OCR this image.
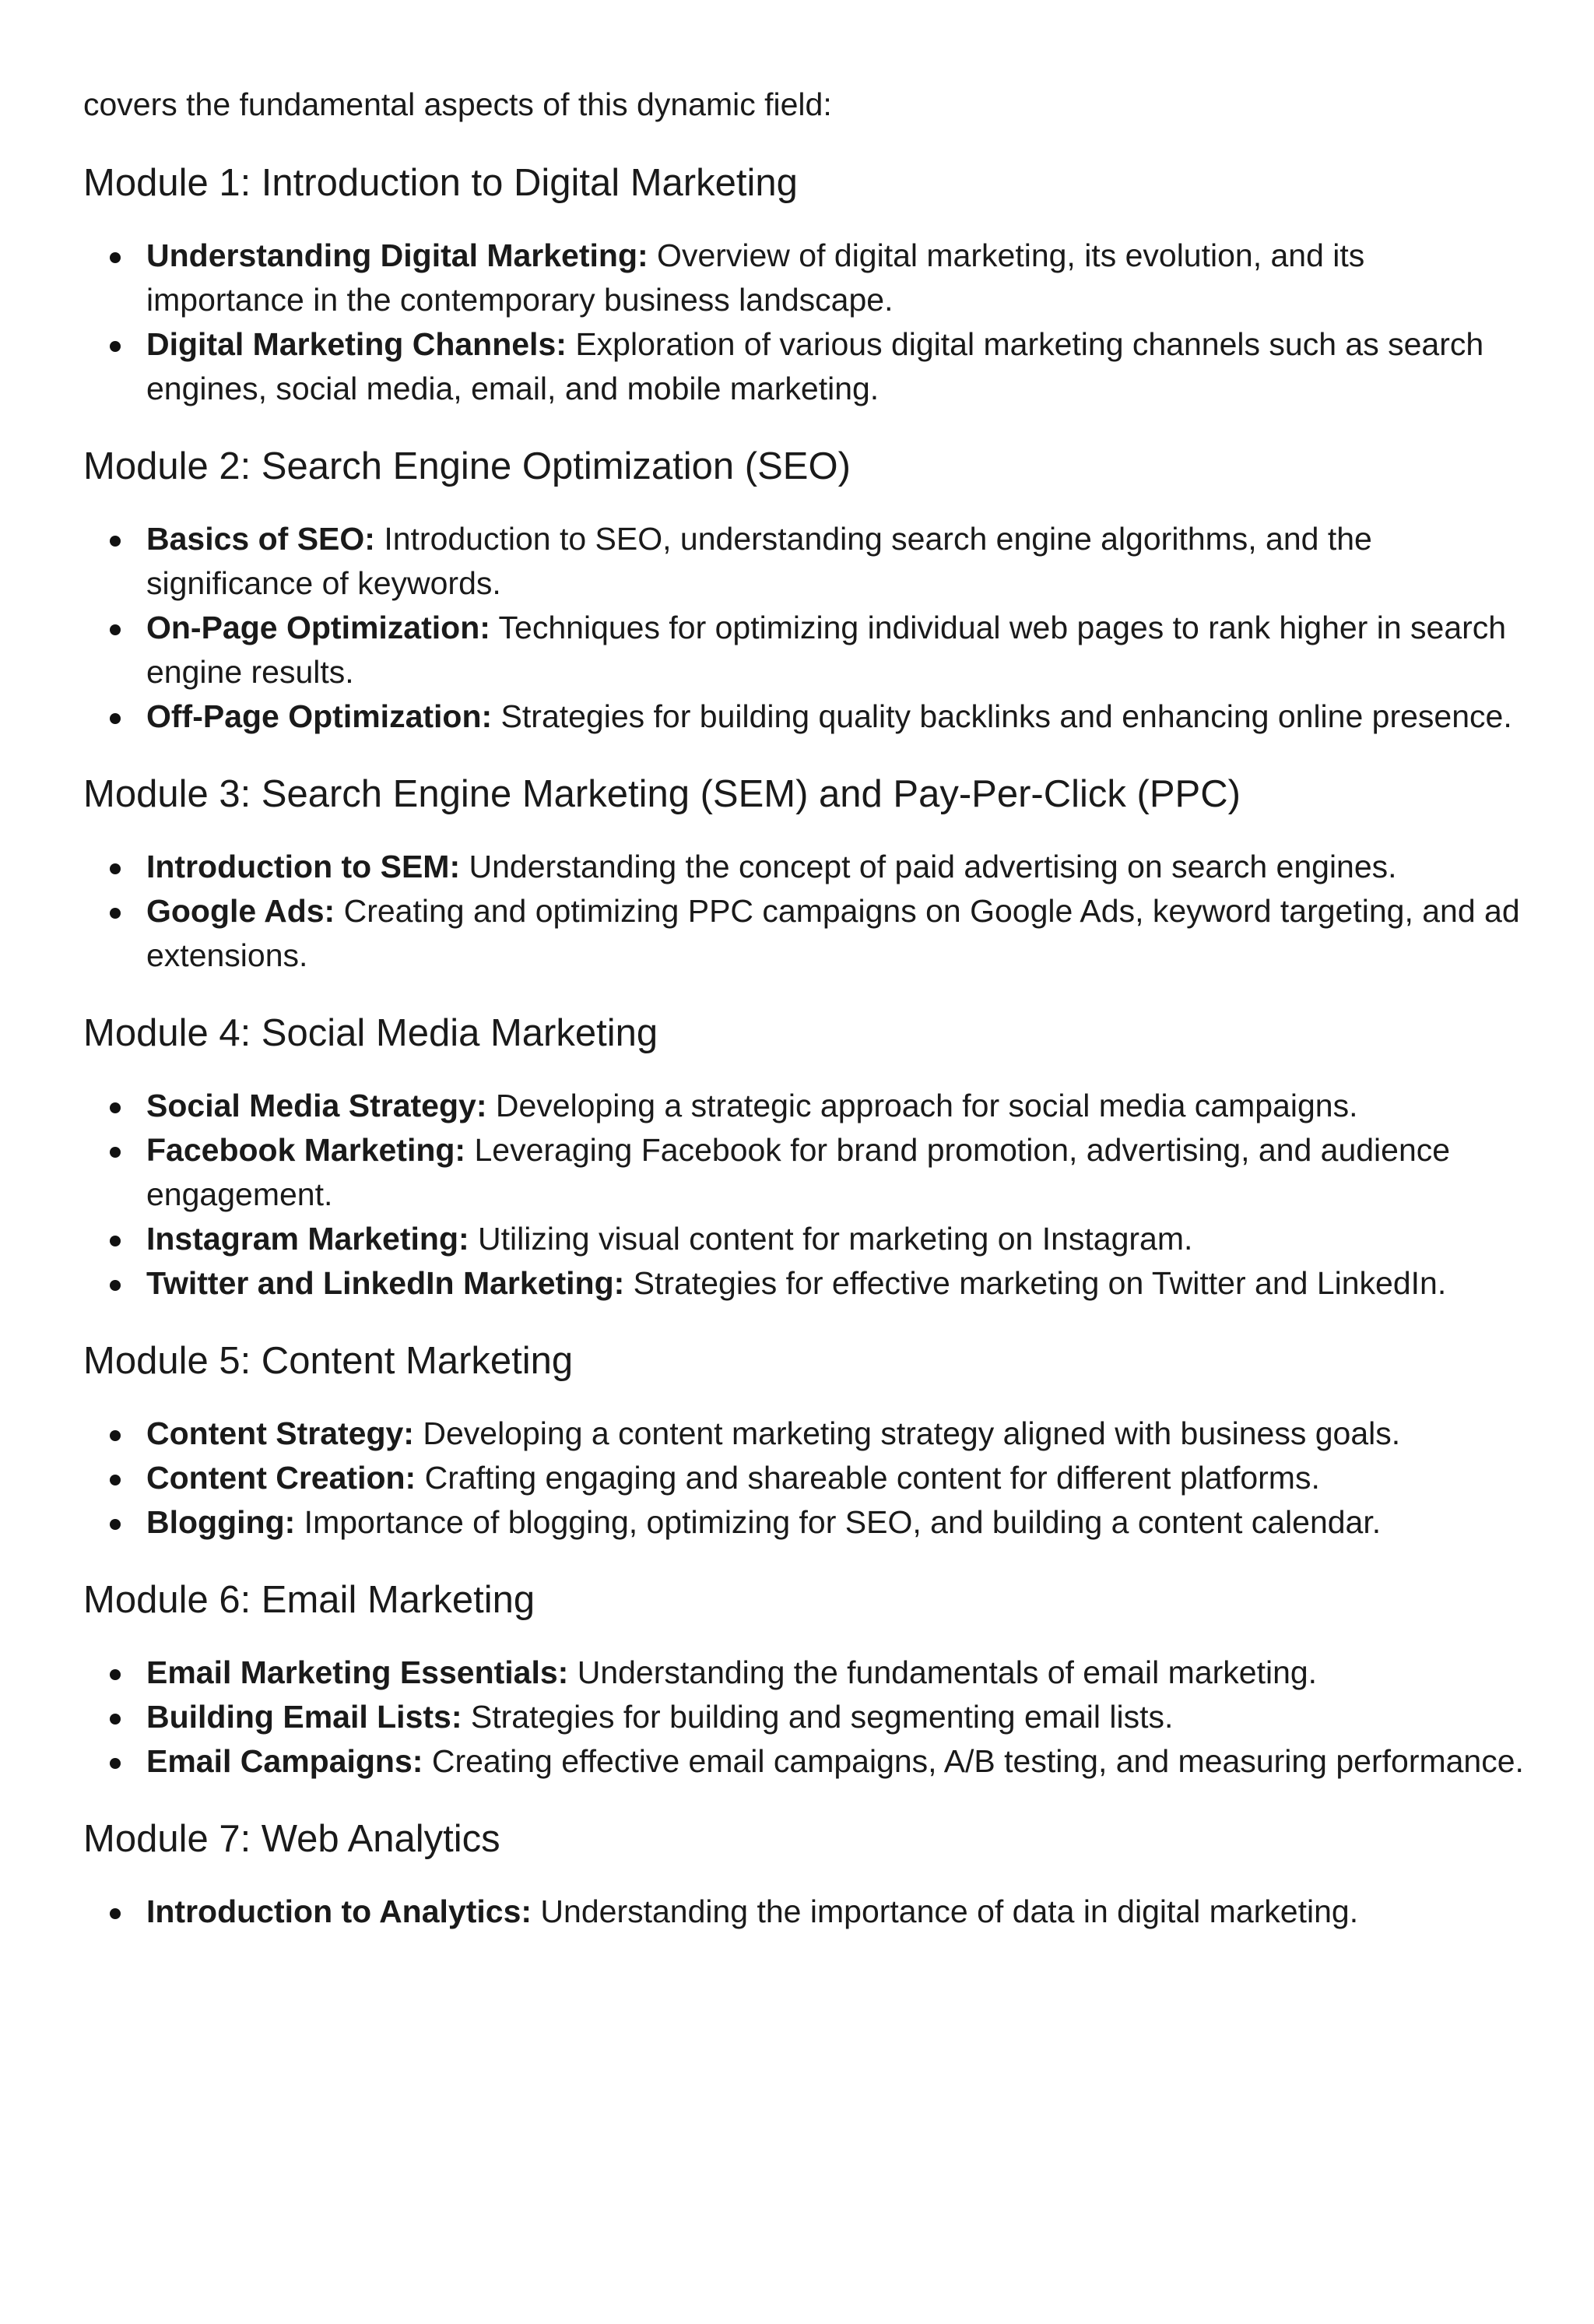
covers the fundamental aspects of this dynamic field:

Module 1: Introduction to Digital Marketing
Understanding Digital Marketing: Overview of digital marketing, its evolution, and its importance in the contemporary business landscape.
Digital Marketing Channels: Exploration of various digital marketing channels such as search engines, social media, email, and mobile marketing.
Module 2: Search Engine Optimization (SEO)
Basics of SEO: Introduction to SEO, understanding search engine algorithms, and the significance of keywords.
On-Page Optimization: Techniques for optimizing individual web pages to rank higher in search engine results.
Off-Page Optimization: Strategies for building quality backlinks and enhancing online presence.
Module 3: Search Engine Marketing (SEM) and Pay-Per-Click (PPC)
Introduction to SEM: Understanding the concept of paid advertising on search engines.
Google Ads: Creating and optimizing PPC campaigns on Google Ads, keyword targeting, and ad extensions.
Module 4: Social Media Marketing
Social Media Strategy: Developing a strategic approach for social media campaigns.
Facebook Marketing: Leveraging Facebook for brand promotion, advertising, and audience engagement.
Instagram Marketing: Utilizing visual content for marketing on Instagram.
Twitter and LinkedIn Marketing: Strategies for effective marketing on Twitter and LinkedIn.
Module 5: Content Marketing
Content Strategy: Developing a content marketing strategy aligned with business goals.
Content Creation: Crafting engaging and shareable content for different platforms.
Blogging: Importance of blogging, optimizing for SEO, and building a content calendar.
Module 6: Email Marketing
Email Marketing Essentials: Understanding the fundamentals of email marketing.
Building Email Lists: Strategies for building and segmenting email lists.
Email Campaigns: Creating effective email campaigns, A/B testing, and measuring performance.
Module 7: Web Analytics
Introduction to Analytics: Understanding the importance of data in digital marketing.
